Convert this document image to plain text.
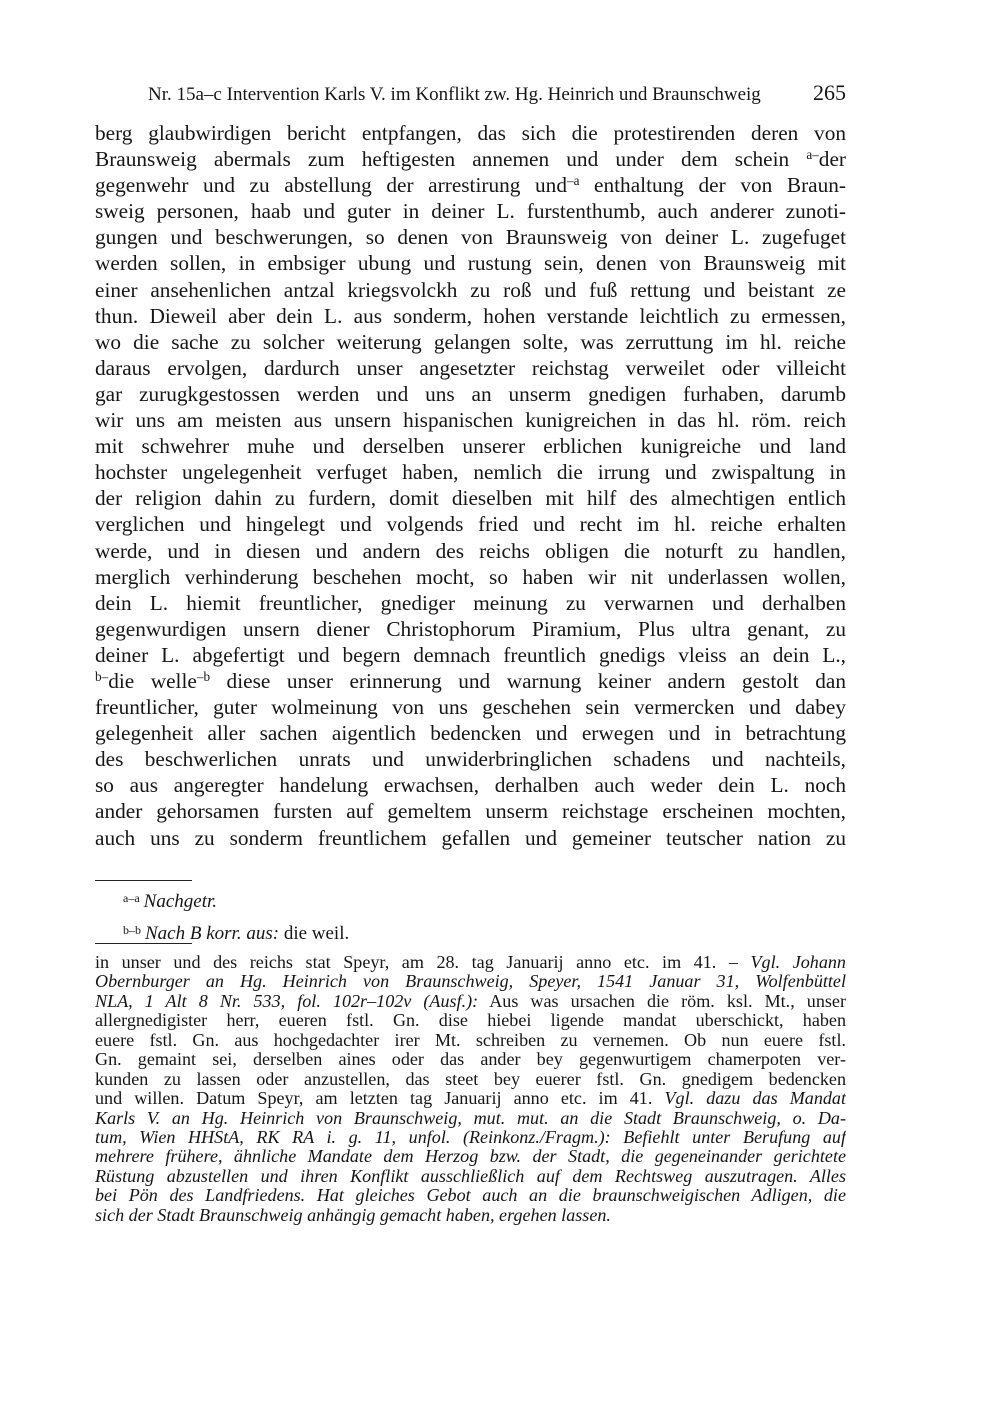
Nr. 15a–c Intervention Karls V. im Konflikt zw. Hg. Heinrich und Braunschweig 265
berg glaubwirdigen bericht entpfangen, das sich die protestirenden deren von
Braunsweig abermals zum heftigesten annemen und under dem schein $^{a-}$der
gegenwehr und zu abstellung der arrestirung und$^{-a}$ enthaltung der von Braun-
sweig personen, haab und guter in deiner L. furstenthumb, auch anderer zunoti-
gungen und beschwerungen, so denen von Braunsweig von deiner L. zugefuget
werden sollen, in embsiger ubung und rustung sein, denen von Braunsweig mit
einer ansehenlichen antzal kriegsvolckh zu roß und fuß rettung und beistant ze
thun. Dieweil aber dein L. aus sonderm, hohen verstande leichtlich zu ermessen,
wo die sache zu solcher weiterung gelangen solte, was zerruttung im hl. reiche
daraus ervolgen, dardurch unser angesetzter reichstag verweilet oder villeicht
gar zurugkgestossen werden und uns an unserm gnedigen furhaben, darumb
wir uns am meisten aus unsern hispanischen kunigreichen in das hl. röm. reich
mit schwehrer muhe und derselben unserer erblichen kunigreiche und land
hochster ungelegenheit verfuget haben, nemlich die irrung und zwispaltung in
der religion dahin zu furdern, domit dieselben mit hilf des almechtigen entlich
verglichen und hingelegt und volgends fried und recht im hl. reiche erhalten
werde, und in diesen und andern des reichs obligen die noturft zu handlen,
merglich verhinderung beschehen mocht, so haben wir nit underlassen wollen,
dein L. hiemit freuntlicher, gnediger meinung zu verwarnen und derhalben
gegenwurdigen unsern diener Christophorum Piramium, Plus ultra genant, zu
deiner L. abgefertigt und begern demnach freuntlich gnedigs vleiss an dein L.,
$^{b-}$die welle$^{-b}$ diese unser erinnerung und warnung keiner andern gestolt dan
freuntlicher, guter wolmeinung von uns geschehen sein vermercken und dabey
gelegenheit aller sachen aigentlich bedencken und erwegen und in betrachtung
des beschwerlichen unrats und unwiderbringlichen schadens und nachteils,
so aus angeregter handelung erwachsen, derhalben auch weder dein L. noch
ander gehorsamen fursten auf gemeltem unserm reichstage erscheinen mochten,
auch uns zu sonderm freuntlichem gefallen und gemeiner teutscher nation zu
$^{a-a}$ Nachgetr.
$^{b-b}$ Nach B korr. aus: die weil.
in unser und des reichs stat Speyr, am 28. tag Januarij anno etc. im 41. – Vgl. Johann
Obernburger an Hg. Heinrich von Braunschweig, Speyer, 1541 Januar 31, Wolfenbüttel
NLA, 1 Alt 8 Nr. 533, fol. 102r–102v (Ausf.): Aus was ursachen die röm. ksl. Mt., unser
allergnedigister herr, eueren fstl. Gn. dise hiebei ligende mandat uberschickt, haben
euere fstl. Gn. aus hochgedachter irer Mt. schreiben zu vernemen. Ob nun euere fstl.
Gn. gemaint sei, derselben aines oder das ander bey gegenwurtigem chamerpoten ver-
kunden zu lassen oder anzustellen, das steet bey euerer fstl. Gn. gnedigem bedencken
und willen. Datum Speyr, am letzten tag Januarij anno etc. im 41. Vgl. dazu das Mandat
Karls V. an Hg. Heinrich von Braunschweig, mut. mut. an die Stadt Braunschweig, o. Da-
tum, Wien HHStA, RK RA i. g. 11, unfol. (Reinkonz./Fragm.): Befiehlt unter Berufung auf
mehrere frühere, ähnliche Mandate dem Herzog bzw. der Stadt, die gegeneinander gerichtete
Rüstung abzustellen und ihren Konflikt ausschließlich auf dem Rechtsweg auszutragen. Alles
bei Pön des Landfriedens. Hat gleiches Gebot auch an die braunschweigischen Adligen, die
sich der Stadt Braunschweig anhängig gemacht haben, ergehen lassen.
